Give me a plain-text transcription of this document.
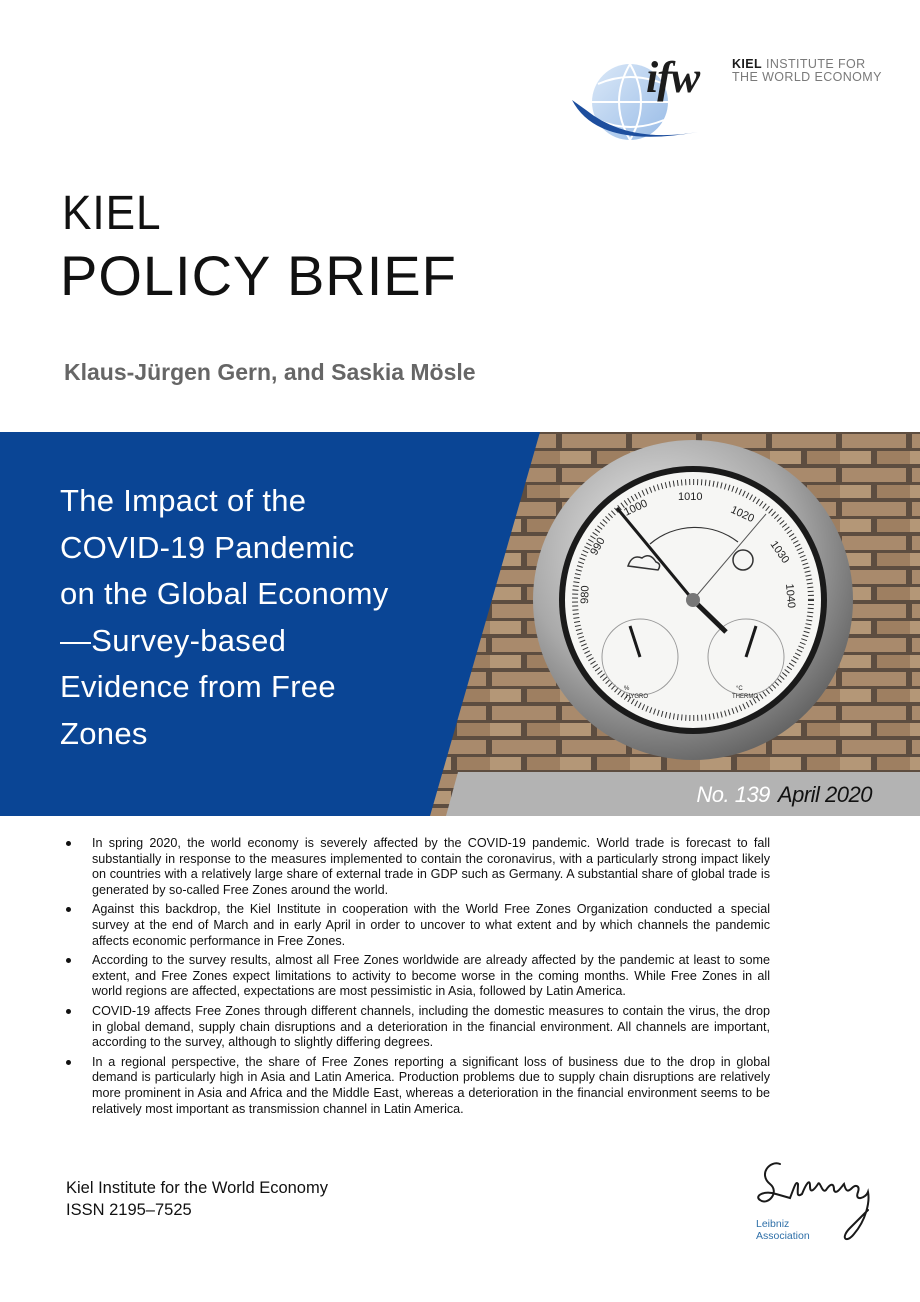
ifw	KIEL INSTITUTE FOR
THE WORLD ECONOMY
KIEL
POLICY BRIEF
Klaus-Jürgen Gern, and Saskia Mösle
1000
1010
1020
1030
1040
990
980
%
HYGRO
°C
THERMO
The Impact of the
COVID-19 Pandemic
on the Global Economy
—Survey-based
Evidence from Free
Zones
No. 139 April 2020
In spring 2020, the world economy is severely affected by the COVID-19 pandemic. World trade is forecast to fall substantially in response to the measures implemented to contain the coronavirus, with a particularly strong impact likely on countries with a relatively large share of external trade in GDP such as Germany. A substantial share of global trade is generated by so-called Free Zones around the world.
Against this backdrop, the Kiel Institute in cooperation with the World Free Zones Organization conducted a special survey at the end of March and in early April in order to uncover to what extent and by which channels the pandemic affects economic performance in Free Zones.
According to the survey results, almost all Free Zones worldwide are already affected by the pandemic at least to some extent, and Free Zones expect limitations to activity to become worse in the coming months. While Free Zones in all world regions are affected, expectations are most pessimistic in Asia, followed by Latin America.
COVID-19 affects Free Zones through different channels, including the domestic measures to contain the virus, the drop in global demand, supply chain disruptions and a deterioration in the financial environment. All channels are important, according to the survey, although to slightly differing degrees.
In a regional perspective, the share of Free Zones reporting a significant loss of business due to the drop in global demand is particularly high in Asia and Latin America. Production problems due to supply chain disruptions are relatively more prominent in Asia and Africa and the Middle East, whereas a deterioration in the financial environment seems to be relatively most important as transmission channel in Latin America.
Kiel Institute for the World Economy
ISSN 2195–7525
Leibniz
Association
